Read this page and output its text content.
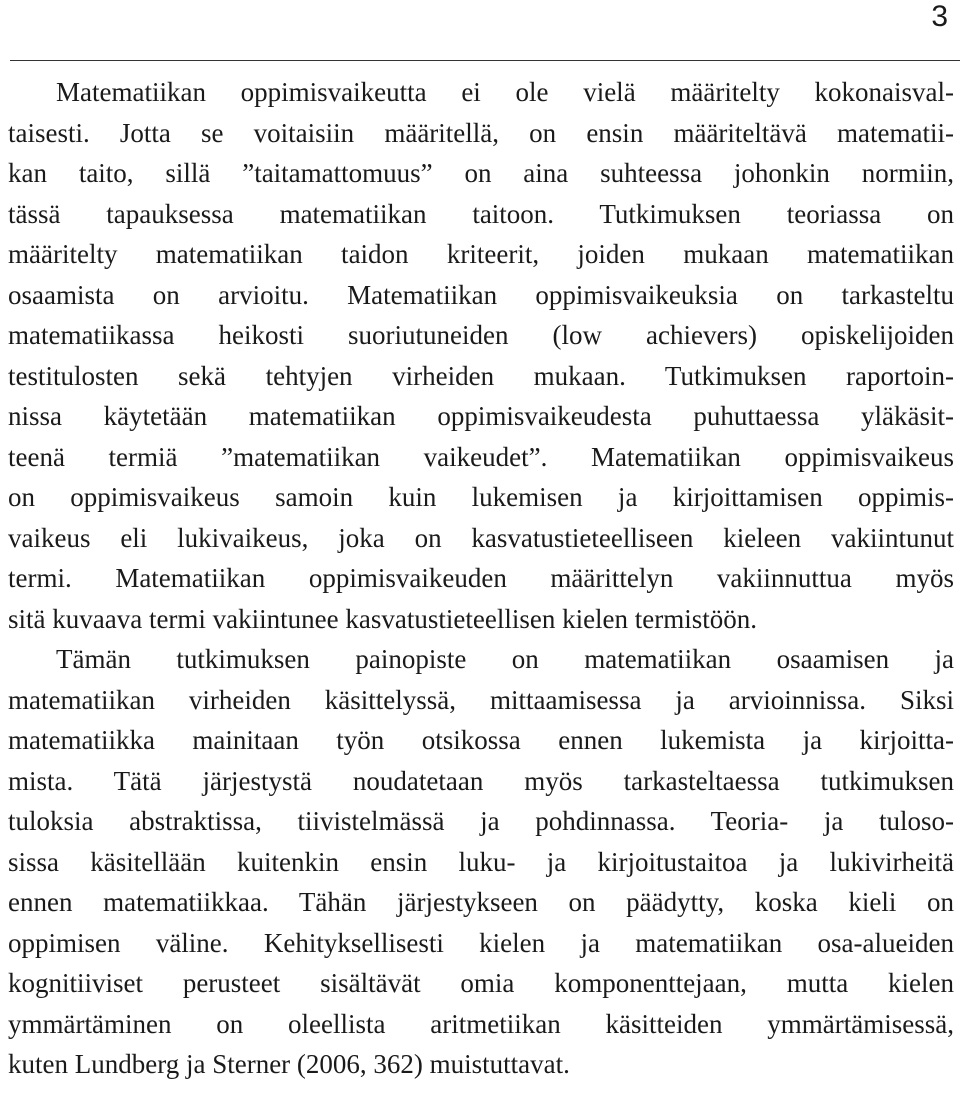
3
Matematiikan oppimisvaikeutta ei ole vielä määritelty kokonaisval-
taisesti. Jotta se voitaisiin määritellä, on ensin määriteltävä matematii-
kan taito, sillä ”taitamattomuus” on aina suhteessa johonkin normiin,
tässä tapauksessa matematiikan taitoon. Tutkimuksen teoriassa on
määritelty matematiikan taidon kriteerit, joiden mukaan matematiikan
osaamista on arvioitu. Matematiikan oppimisvaikeuksia on tarkasteltu
matematiikassa heikosti suoriutuneiden (low achievers) opiskelijoiden
testitulosten sekä tehtyjen virheiden mukaan. Tutkimuksen raportoin-
nissa käytetään matematiikan oppimisvaikeudesta puhuttaessa yläkäsit-
teenä termiä ”matematiikan vaikeudet”. Matematiikan oppimisvaikeus
on oppimisvaikeus samoin kuin lukemisen ja kirjoittamisen oppimis-
vaikeus eli lukivaikeus, joka on kasvatustieteelliseen kieleen vakiintunut
termi. Matematiikan oppimisvaikeuden määrittelyn vakiinnuttua myös
sitä kuvaava termi vakiintunee kasvatustieteellisen kielen termistöön.
Tämän tutkimuksen painopiste on matematiikan osaamisen ja
matematiikan virheiden käsittelyssä, mittaamisessa ja arvioinnissa. Siksi
matematiikka mainitaan työn otsikossa ennen lukemista ja kirjoitta-
mista. Tätä järjestystä noudatetaan myös tarkasteltaessa tutkimuksen
tuloksia abstraktissa, tiivistelmässä ja pohdinnassa. Teoria- ja tuloso-
sissa käsitellään kuitenkin ensin luku- ja kirjoitustaitoa ja lukivirheitä
ennen matematiikkaa. Tähän järjestykseen on päädytty, koska kieli on
oppimisen väline. Kehityksellisesti kielen ja matematiikan osa-alueiden
kognitiiviset perusteet sisältävät omia komponenttejaan, mutta kielen
ymmärtäminen on oleellista aritmetiikan käsitteiden ymmärtämisessä,
kuten Lundberg ja Sterner (2006, 362) muistuttavat.
